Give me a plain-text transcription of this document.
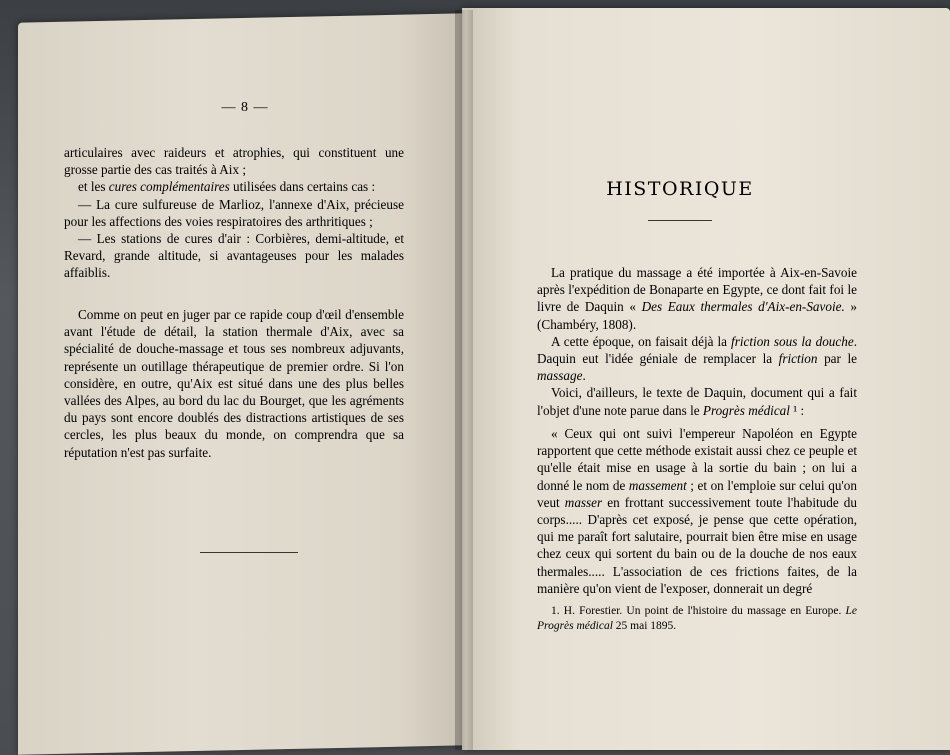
— 8 —

articulaires avec raideurs et atrophies, qui constituent une grosse partie des cas traités à Aix ;

et les cures complémentaires utilisées dans certains cas :

— La cure sulfureuse de Marlioz, l'annexe d'Aix, précieuse pour les affections des voies respiratoires des arthritiques ;

— Les stations de cures d'air : Corbières, demi-altitude, et Revard, grande altitude, si avantageuses pour les malades affaiblis.

Comme on peut en juger par ce rapide coup d'œil d'ensemble avant l'étude de détail, la station thermale d'Aix, avec sa spécialité de douche-massage et tous ses nombreux adjuvants, représente un outillage thérapeutique de premier ordre. Si l'on considère, en outre, qu'Aix est situé dans une des plus belles vallées des Alpes, au bord du lac du Bourget, que les agréments du pays sont encore doublés des distractions artistiques de ses cercles, les plus beaux du monde, on comprendra que sa réputation n'est pas surfaite.

HISTORIQUE

La pratique du massage a été importée à Aix-en-Savoie après l'expédition de Bonaparte en Egypte, ce dont fait foi le livre de Daquin « Des Eaux thermales d'Aix-en-Savoie. » (Chambéry, 1808).

A cette époque, on faisait déjà la friction sous la douche. Daquin eut l'idée géniale de remplacer la friction par le massage.

Voici, d'ailleurs, le texte de Daquin, document qui a fait l'objet d'une note parue dans le Progrès médical ¹ :

« Ceux qui ont suivi l'empereur Napoléon en Egypte rapportent que cette méthode existait aussi chez ce peuple et qu'elle était mise en usage à la sortie du bain ; on lui a donné le nom de massement ; et on l'emploie sur celui qu'on veut masser en frottant successivement toute l'habitude du corps..... D'après cet exposé, je pense que cette opération, qui me paraît fort salutaire, pourrait bien être mise en usage chez ceux qui sortent du bain ou de la douche de nos eaux thermales..... L'association de ces frictions faites, de la manière qu'on vient de l'exposer, donnerait un degré

1. H. Forestier. Un point de l'histoire du massage en Europe. Le Progrès médical 25 mai 1895.
